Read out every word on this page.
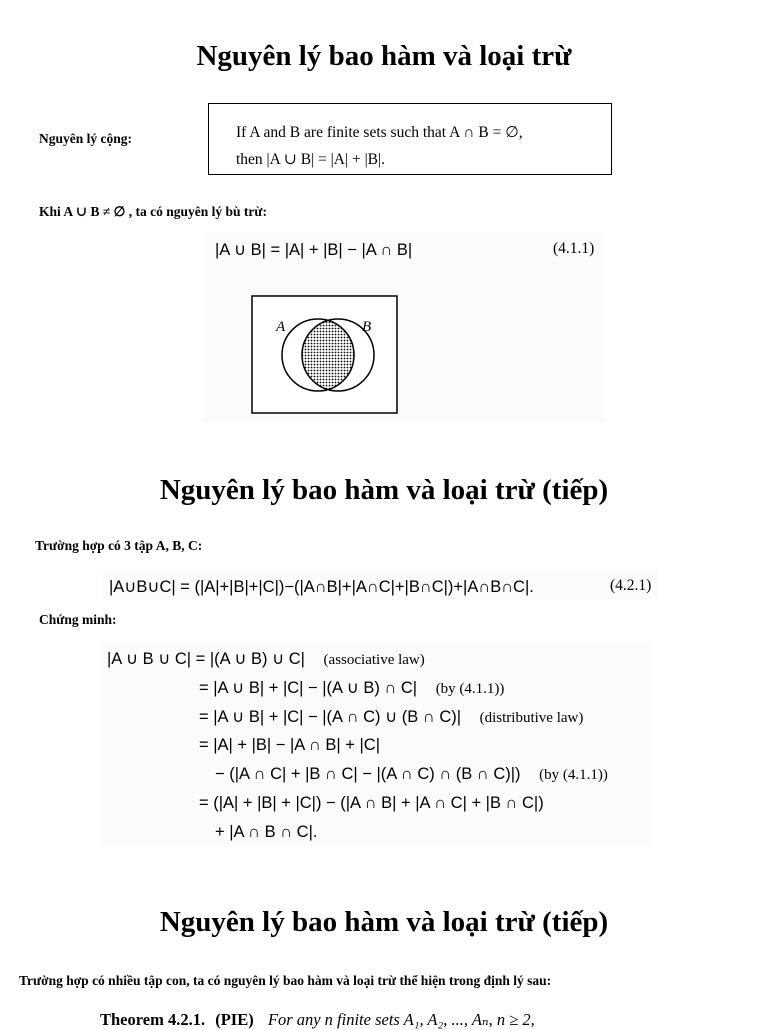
Nguyên lý bao hàm và loại trừ
Nguyên lý cộng:	If A and B are finite sets such that A ∩ B = ∅,
then |A ∪ B| = |A| + |B|.
Khi A ∪ B ≠ ∅ , ta có nguyên lý bù trừ:
|A ∪ B| = |A| + |B| − |A ∩ B|	(4.1.1)
A	B
Nguyên lý bao hàm và loại trừ (tiếp)
Trường hợp có 3 tập A, B, C:
|A∪B∪C| = (|A|+|B|+|C|)−(|A∩B|+|A∩C|+|B∩C|)+|A∩B∩C|.	(4.2.1)
Chứng minh:
|A ∪ B ∪ C| = |(A ∪ B) ∪ C| (associative law)
= |A ∪ B| + |C| − |(A ∪ B) ∩ C| (by (4.1.1))
= |A ∪ B| + |C| − |(A ∩ C) ∪ (B ∩ C)| (distributive law)
= |A| + |B| − |A ∩ B| + |C|
− (|A ∩ C| + |B ∩ C| − |(A ∩ C) ∩ (B ∩ C)|) (by (4.1.1))
= (|A| + |B| + |C|) − (|A ∩ B| + |A ∩ C| + |B ∩ C|)
+ |A ∩ B ∩ C|.
Nguyên lý bao hàm và loại trừ (tiếp)
Trường hợp có nhiều tập con, ta có nguyên lý bao hàm và loại trừ thể hiện trong định lý sau:
Theorem 4.2.1. (PIE) For any n finite sets A₁, A₂, ..., Aₙ, n ≥ 2,
